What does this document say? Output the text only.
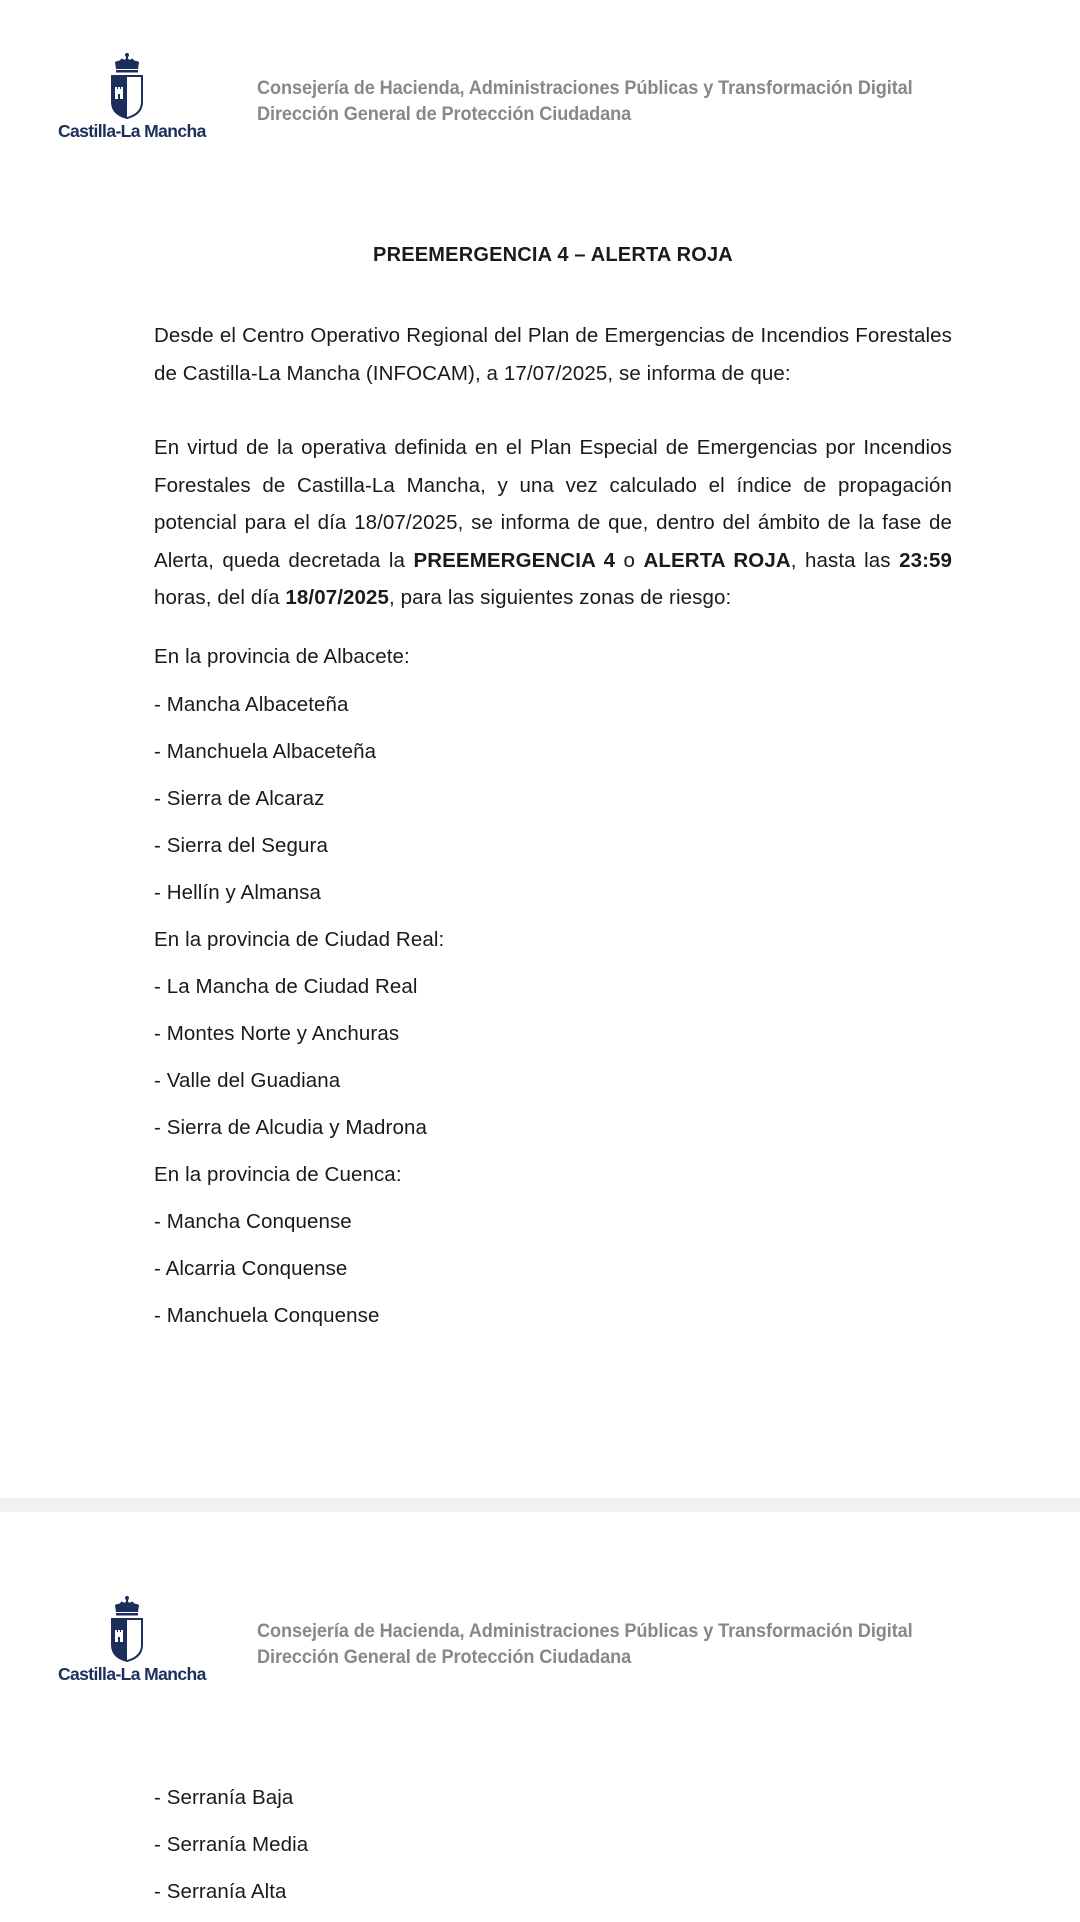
Castilla-La Mancha
Consejería de Hacienda, Administraciones Públicas y Transformación Digital
Dirección General de Protección Ciudadana
PREEMERGENCIA 4 – ALERTA ROJA
Desde el Centro Operativo Regional del Plan de Emergencias de Incendios Forestales de Castilla-La Mancha (INFOCAM), a 17/07/2025, se informa de que:
En virtud de la operativa definida en el Plan Especial de Emergencias por Incendios Forestales de Castilla-La Mancha, y una vez calculado el índice de propagación potencial para el día 18/07/2025, se informa de que, dentro del ámbito de la fase de Alerta, queda decretada la PREEMERGENCIA 4 o ALERTA ROJA, hasta las 23:59 horas, del día 18/07/2025, para las siguientes zonas de riesgo:
En la provincia de Albacete:
- Mancha Albaceteña
- Manchuela Albaceteña
- Sierra de Alcaraz
- Sierra del Segura
- Hellín y Almansa
En la provincia de Ciudad Real:
- La Mancha de Ciudad Real
- Montes Norte y Anchuras
- Valle del Guadiana
- Sierra de Alcudia y Madrona
En la provincia de Cuenca:
- Mancha Conquense
- Alcarria Conquense
- Manchuela Conquense
Castilla-La Mancha
Consejería de Hacienda, Administraciones Públicas y Transformación Digital
Dirección General de Protección Ciudadana
- Serranía Baja
- Serranía Media
- Serranía Alta
